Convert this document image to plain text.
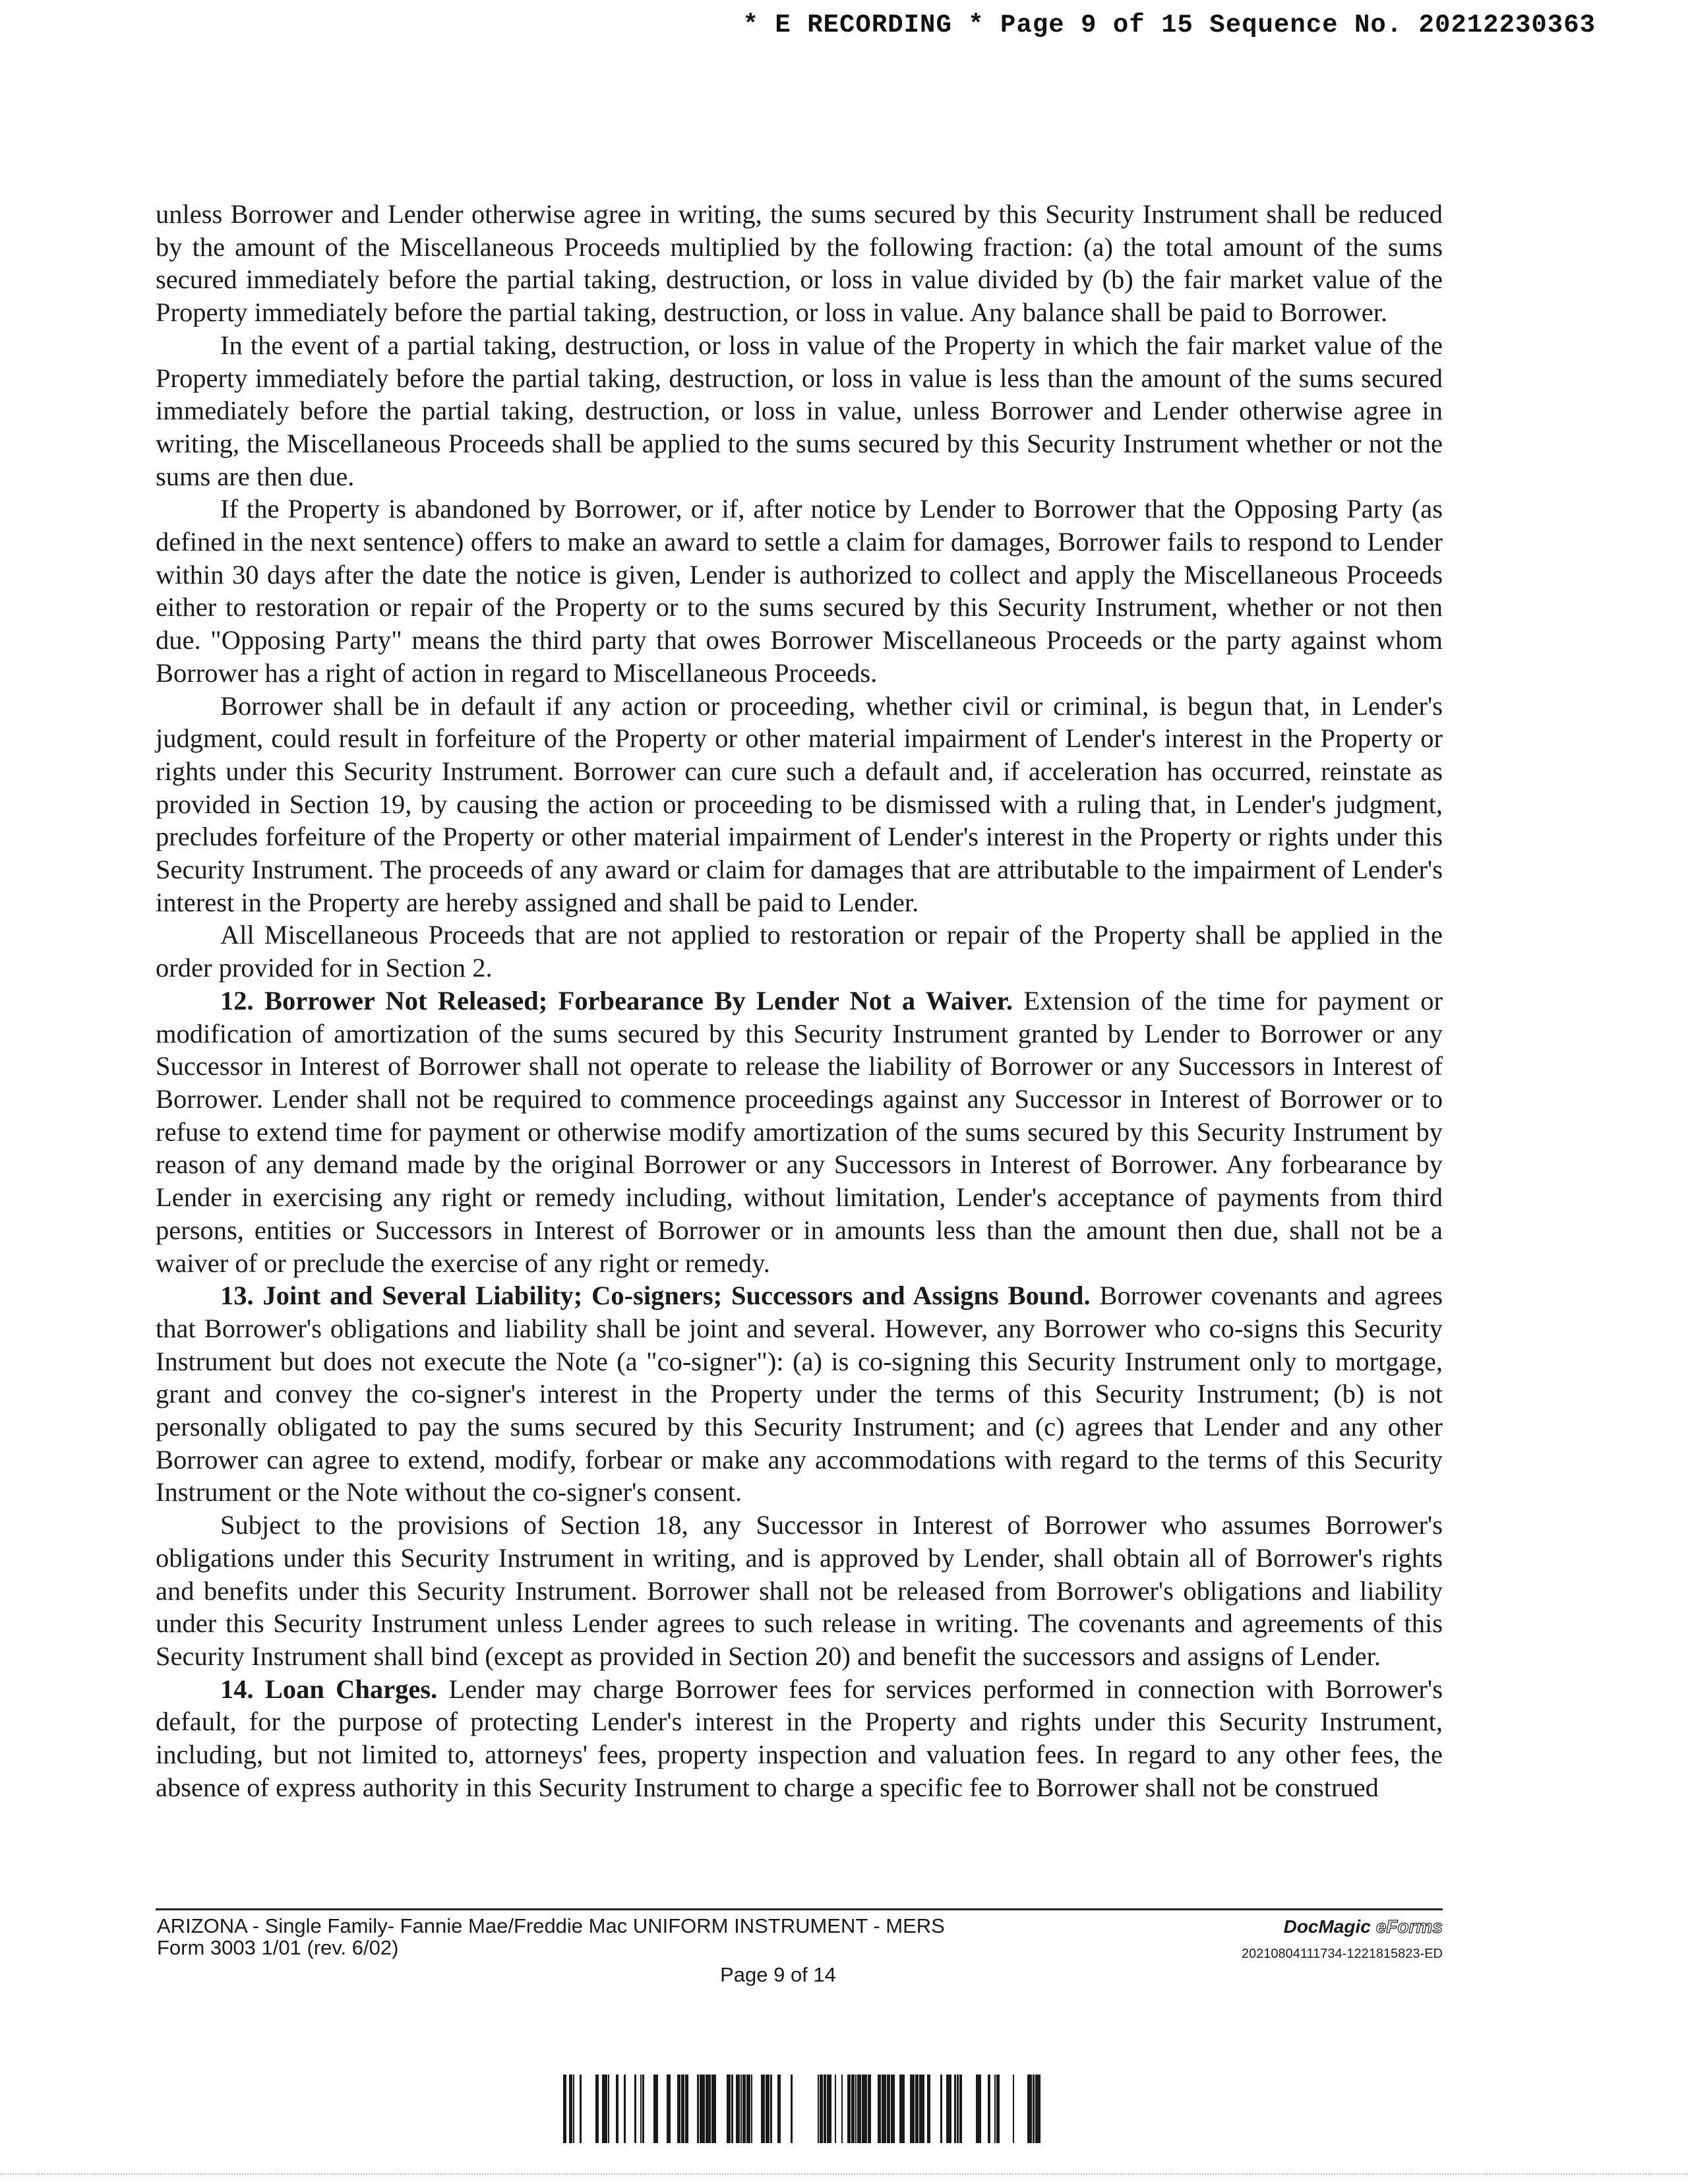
* E RECORDING * Page 9 of 15 Sequence No. 20212230363

unless Borrower and Lender otherwise agree in writing, the sums secured by this Security Instrument shall be reduced by the amount of the Miscellaneous Proceeds multiplied by the following fraction: (a) the total amount of the sums secured immediately before the partial taking, destruction, or loss in value divided by (b) the fair market value of the Property immediately before the partial taking, destruction, or loss in value. Any balance shall be paid to Borrower.

In the event of a partial taking, destruction, or loss in value of the Property in which the fair market value of the Property immediately before the partial taking, destruction, or loss in value is less than the amount of the sums secured immediately before the partial taking, destruction, or loss in value, unless Borrower and Lender otherwise agree in writing, the Miscellaneous Proceeds shall be applied to the sums secured by this Security Instrument whether or not the sums are then due.

If the Property is abandoned by Borrower, or if, after notice by Lender to Borrower that the Opposing Party (as defined in the next sentence) offers to make an award to settle a claim for damages, Borrower fails to respond to Lender within 30 days after the date the notice is given, Lender is authorized to collect and apply the Miscellaneous Proceeds either to restoration or repair of the Property or to the sums secured by this Security Instrument, whether or not then due. "Opposing Party" means the third party that owes Borrower Miscellaneous Proceeds or the party against whom Borrower has a right of action in regard to Miscellaneous Proceeds.

Borrower shall be in default if any action or proceeding, whether civil or criminal, is begun that, in Lender's judgment, could result in forfeiture of the Property or other material impairment of Lender's interest in the Property or rights under this Security Instrument. Borrower can cure such a default and, if acceleration has occurred, reinstate as provided in Section 19, by causing the action or proceeding to be dismissed with a ruling that, in Lender's judgment, precludes forfeiture of the Property or other material impairment of Lender's interest in the Property or rights under this Security Instrument. The proceeds of any award or claim for damages that are attributable to the impairment of Lender's interest in the Property are hereby assigned and shall be paid to Lender.

All Miscellaneous Proceeds that are not applied to restoration or repair of the Property shall be applied in the order provided for in Section 2.

12. Borrower Not Released; Forbearance By Lender Not a Waiver. Extension of the time for payment or modification of amortization of the sums secured by this Security Instrument granted by Lender to Borrower or any Successor in Interest of Borrower shall not operate to release the liability of Borrower or any Successors in Interest of Borrower. Lender shall not be required to commence proceedings against any Successor in Interest of Borrower or to refuse to extend time for payment or otherwise modify amortization of the sums secured by this Security Instrument by reason of any demand made by the original Borrower or any Successors in Interest of Borrower. Any forbearance by Lender in exercising any right or remedy including, without limitation, Lender's acceptance of payments from third persons, entities or Successors in Interest of Borrower or in amounts less than the amount then due, shall not be a waiver of or preclude the exercise of any right or remedy.

13. Joint and Several Liability; Co-signers; Successors and Assigns Bound. Borrower covenants and agrees that Borrower's obligations and liability shall be joint and several. However, any Borrower who co-signs this Security Instrument but does not execute the Note (a "co-signer"): (a) is co-signing this Security Instrument only to mortgage, grant and convey the co-signer's interest in the Property under the terms of this Security Instrument; (b) is not personally obligated to pay the sums secured by this Security Instrument; and (c) agrees that Lender and any other Borrower can agree to extend, modify, forbear or make any accommodations with regard to the terms of this Security Instrument or the Note without the co-signer's consent.

Subject to the provisions of Section 18, any Successor in Interest of Borrower who assumes Borrower's obligations under this Security Instrument in writing, and is approved by Lender, shall obtain all of Borrower's rights and benefits under this Security Instrument. Borrower shall not be released from Borrower's obligations and liability under this Security Instrument unless Lender agrees to such release in writing. The covenants and agreements of this Security Instrument shall bind (except as provided in Section 20) and benefit the successors and assigns of Lender.

14. Loan Charges. Lender may charge Borrower fees for services performed in connection with Borrower's default, for the purpose of protecting Lender's interest in the Property and rights under this Security Instrument, including, but not limited to, attorneys' fees, property inspection and valuation fees. In regard to any other fees, the absence of express authority in this Security Instrument to charge a specific fee to Borrower shall not be construed

ARIZONA - Single Family- Fannie Mae/Freddie Mac UNIFORM INSTRUMENT - MERS
Form 3003 1/01 (rev. 6/02)
Page 9 of 14
DocMagic eForms
20210804111734-1221815823-ED
